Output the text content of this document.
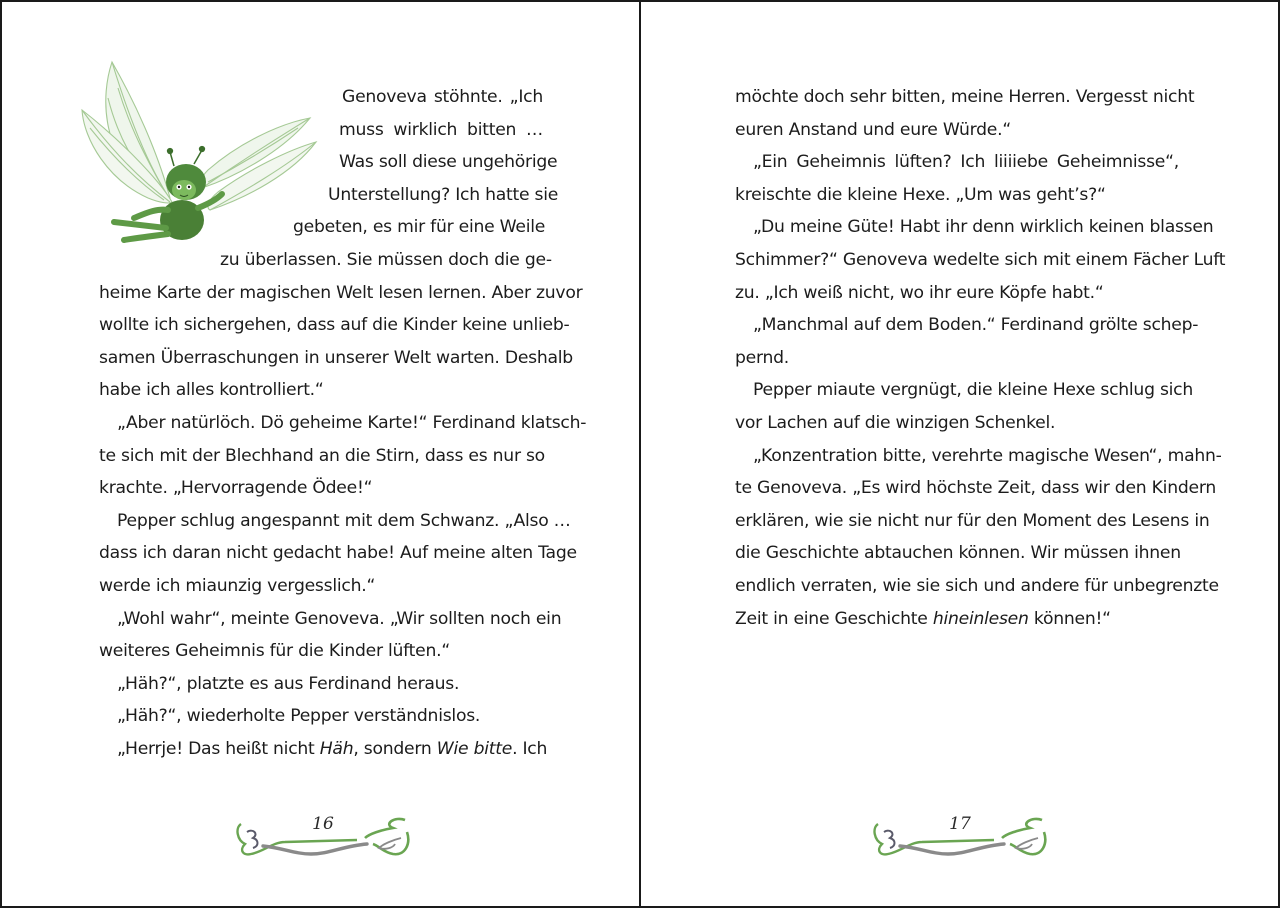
Genoveva stöhnte. „Ich
muss wirklich bitten …
Was soll diese ungehörige
Unterstellung? Ich hatte sie
gebeten, es mir für eine Weile
zu überlassen. Sie müssen doch die ge-
heime Karte der magischen Welt lesen lernen. Aber zuvor
wollte ich sichergehen, dass auf die Kinder keine unlieb-
samen Überraschungen in unserer Welt warten. Deshalb
habe ich alles kontrolliert.“
„Aber natürlöch. Dö geheime Karte!“ Ferdinand klatsch-
te sich mit der Blechhand an die Stirn, dass es nur so
krachte. „Hervorragende Ödee!“
Pepper schlug angespannt mit dem Schwanz. „Also …
dass ich daran nicht gedacht habe! Auf meine alten Tage
werde ich miaunzig vergesslich.“
„Wohl wahr“, meinte Genoveva. „Wir sollten noch ein
weiteres Geheimnis für die Kinder lüften.“
„Häh?“, platzte es aus Ferdinand heraus.
„Häh?“, wiederholte Pepper verständnislos.
„Herrje! Das heißt nicht Häh, sondern Wie bitte. Ich
16
möchte doch sehr bitten, meine Herren. Vergesst nicht
euren Anstand und eure Würde.“
„Ein Geheimnis lüften? Ich liiiiebe Geheimnisse“,
kreischte die kleine Hexe. „Um was geht’s?“
„Du meine Güte! Habt ihr denn wirklich keinen blassen
Schimmer?“ Genoveva wedelte sich mit einem Fächer Luft
zu. „Ich weiß nicht, wo ihr eure Köpfe habt.“
„Manchmal auf dem Boden.“ Ferdinand grölte schep-
pernd.
Pepper miaute vergnügt, die kleine Hexe schlug sich
vor Lachen auf die winzigen Schenkel.
„Konzentration bitte, verehrte magische Wesen“, mahn-
te Genoveva. „Es wird höchste Zeit, dass wir den Kindern
erklären, wie sie nicht nur für den Moment des Lesens in
die Geschichte abtauchen können. Wir müssen ihnen
endlich verraten, wie sie sich und andere für unbegrenzte
Zeit in eine Geschichte hineinlesen können!“
17
